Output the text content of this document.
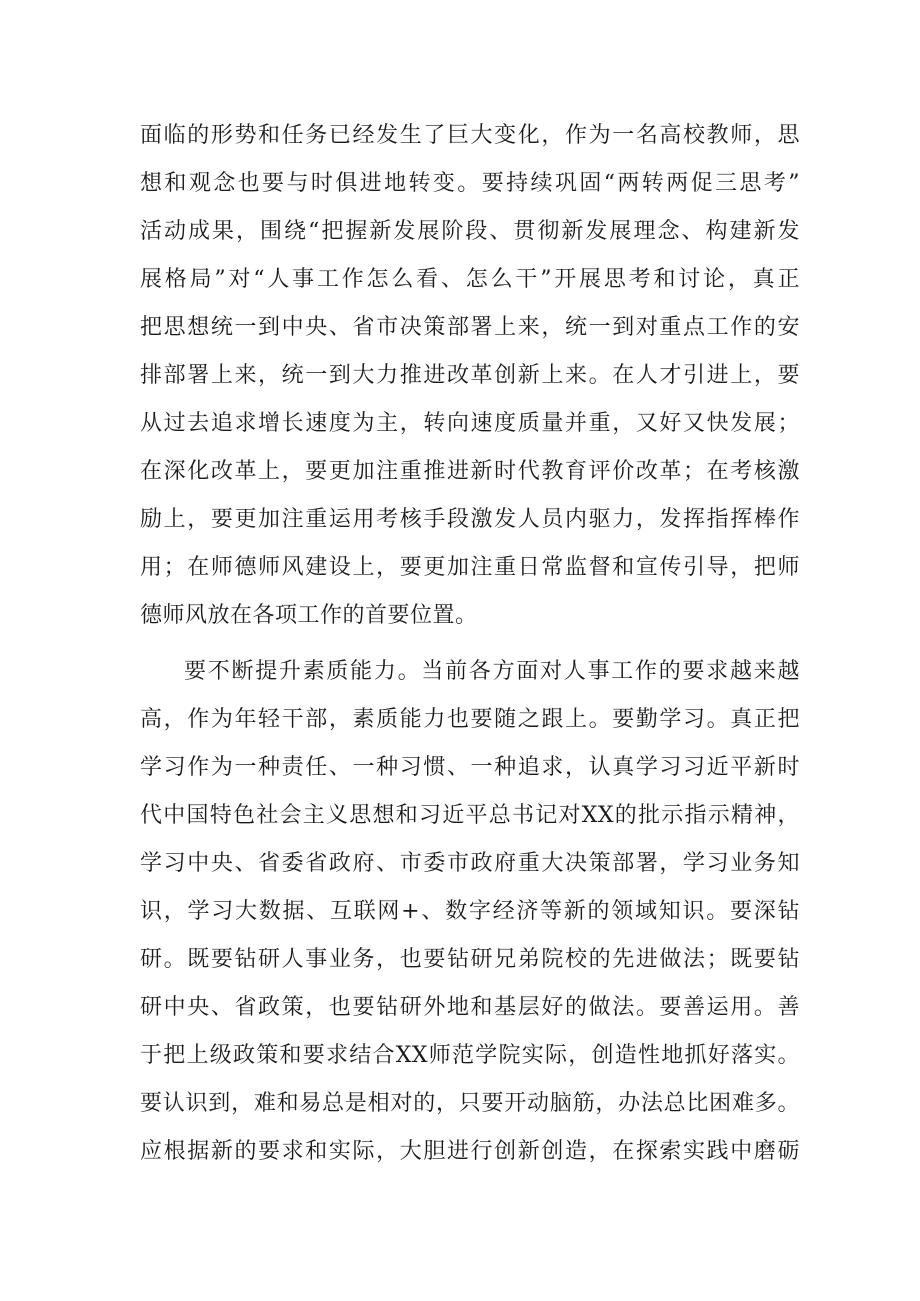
面临的形势和任务已经发生了巨大变化，作为一名高校教师，思
想和观念也要与时俱进地转变。要持续巩固“两转两促三思考”
活动成果，围绕“把握新发展阶段、贯彻新发展理念、构建新发
展格局”对“人事工作怎么看、怎么干”开展思考和讨论，真正
把思想统一到中央、省市决策部署上来，统一到对重点工作的安
排部署上来，统一到大力推进改革创新上来。在人才引进上，要
从过去追求增长速度为主，转向速度质量并重，又好又快发展；
在深化改革上，要更加注重推进新时代教育评价改革；在考核激
励上，要更加注重运用考核手段激发人员内驱力，发挥指挥棒作
用；在师德师风建设上，要更加注重日常监督和宣传引导，把师
德师风放在各项工作的首要位置。
要不断提升素质能力。当前各方面对人事工作的要求越来越
高，作为年轻干部，素质能力也要随之跟上。要勤学习。真正把
学习作为一种责任、一种习惯、一种追求，认真学习习近平新时
代中国特色社会主义思想和习近平总书记对XX的批示指示精神，
学习中央、省委省政府、市委市政府重大决策部署，学习业务知
识，学习大数据、互联网+、数字经济等新的领域知识。要深钻
研。既要钻研人事业务，也要钻研兄弟院校的先进做法；既要钻
研中央、省政策，也要钻研外地和基层好的做法。要善运用。善
于把上级政策和要求结合XX师范学院实际，创造性地抓好落实。
要认识到，难和易总是相对的，只要开动脑筋，办法总比困难多。
应根据新的要求和实际，大胆进行创新创造，在探索实践中磨砺
